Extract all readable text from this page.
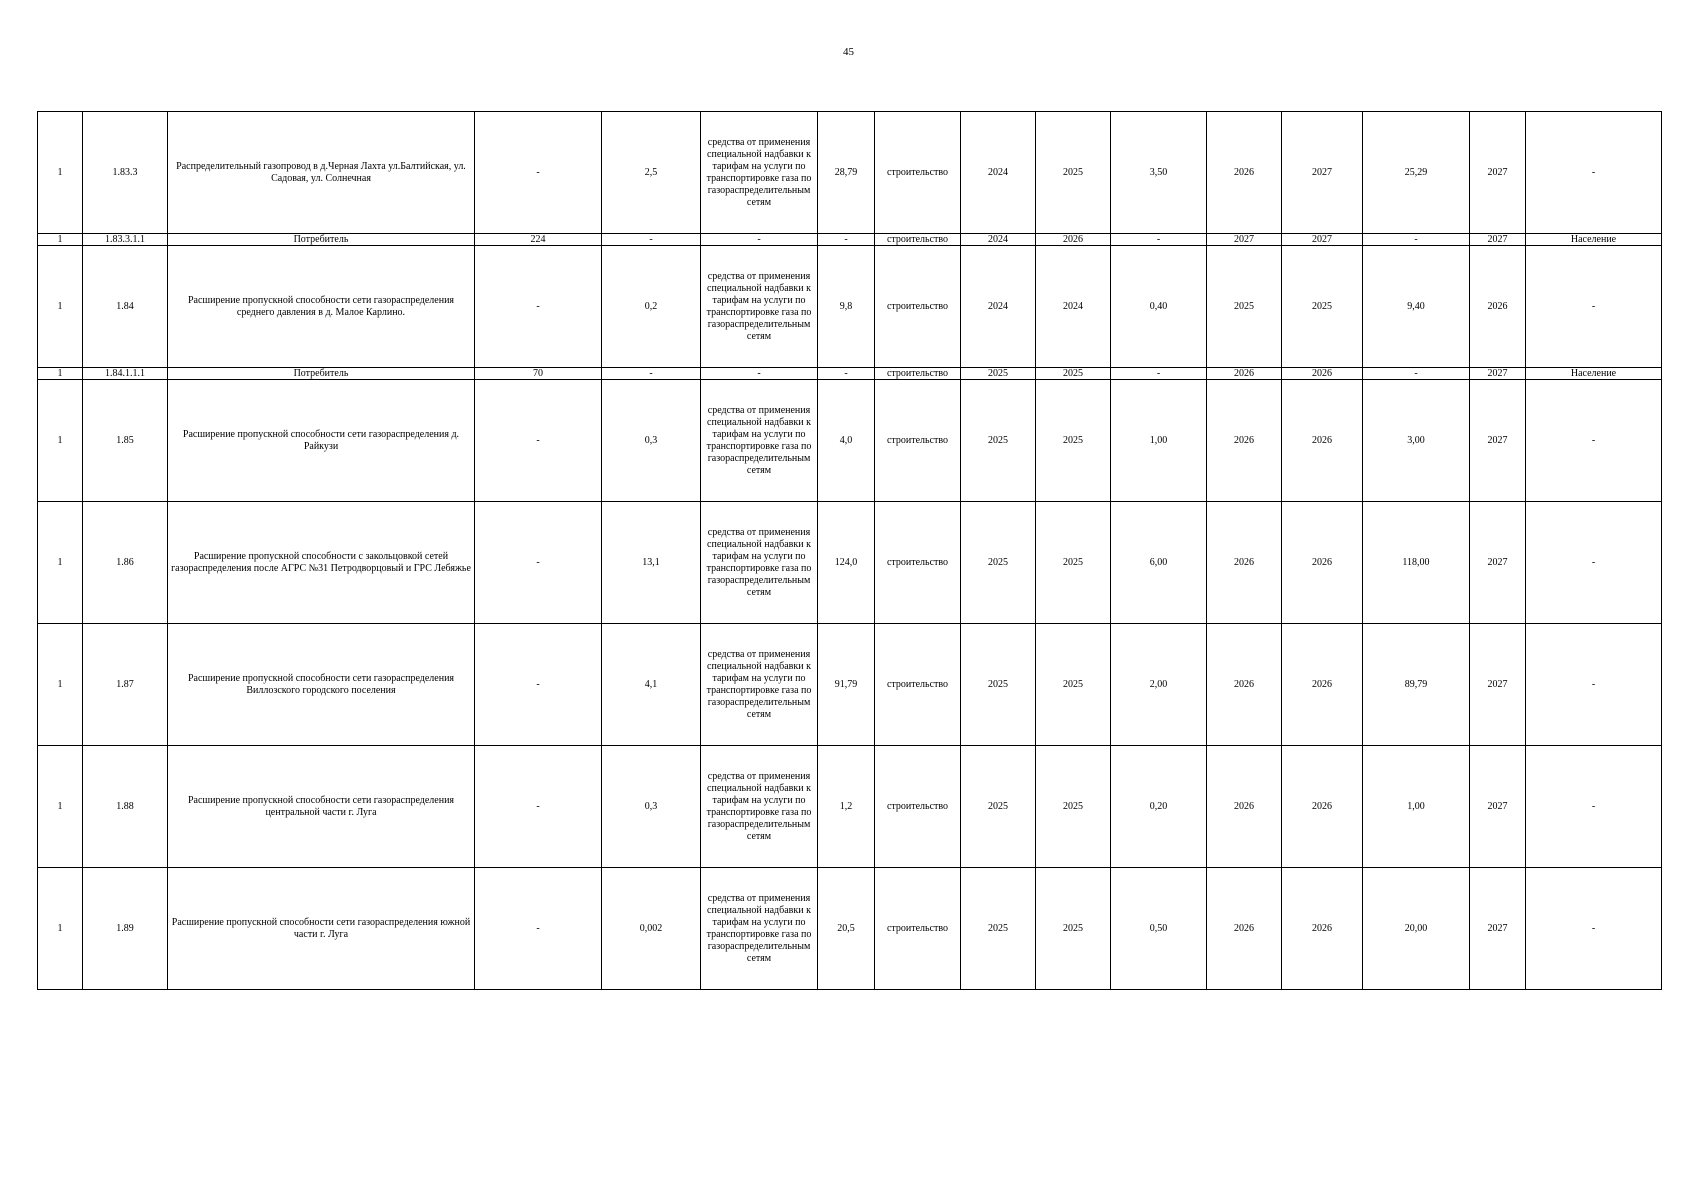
45
1	1.83.3	Распределительный газопровод в д.Черная Лахта ул.Балтийская, ул. Садовая, ул. Солнечная	-	2,5	средства от применения специальной надбавки к тарифам на услуги по транспортировке газа по газораспределительным сетям	28,79	строительство	2024	2025	3,50	2026	2027	25,29	2027	-
1	1.83.3.1.1	Потребитель	224	-	-	-	строительство	2024	2026	-	2027	2027	-	2027	Население
1	1.84	Расширение пропускной способности сети газораспределения среднего давления в д. Малое Карлино.	-	0,2	средства от применения специальной надбавки к тарифам на услуги по транспортировке газа по газораспределительным сетям	9,8	строительство	2024	2024	0,40	2025	2025	9,40	2026	-
1	1.84.1.1.1	Потребитель	70	-	-	-	строительство	2025	2025	-	2026	2026	-	2027	Население
1	1.85	Расширение пропускной способности сети газораспределения д. Райкузи	-	0,3	средства от применения специальной надбавки к тарифам на услуги по транспортировке газа по газораспределительным сетям	4,0	строительство	2025	2025	1,00	2026	2026	3,00	2027	-
1	1.86	Расширение пропускной способности с закольцовкой сетей газораспределения после АГРС №31 Петродворцовый и ГРС Лебяжье	-	13,1	средства от применения специальной надбавки к тарифам на услуги по транспортировке газа по газораспределительным сетям	124,0	строительство	2025	2025	6,00	2026	2026	118,00	2027	-
1	1.87	Расширение пропускной способности сети газораспределения Виллозского городского поселения	-	4,1	средства от применения специальной надбавки к тарифам на услуги по транспортировке газа по газораспределительным сетям	91,79	строительство	2025	2025	2,00	2026	2026	89,79	2027	-
1	1.88	Расширение пропускной способности сети газораспределения центральной части г. Луга	-	0,3	средства от применения специальной надбавки к тарифам на услуги по транспортировке газа по газораспределительным сетям	1,2	строительство	2025	2025	0,20	2026	2026	1,00	2027	-
1	1.89	Расширение пропускной способности сети газораспределения южной части г. Луга	-	0,002	средства от применения специальной надбавки к тарифам на услуги по транспортировке газа по газораспределительным сетям	20,5	строительство	2025	2025	0,50	2026	2026	20,00	2027	-
